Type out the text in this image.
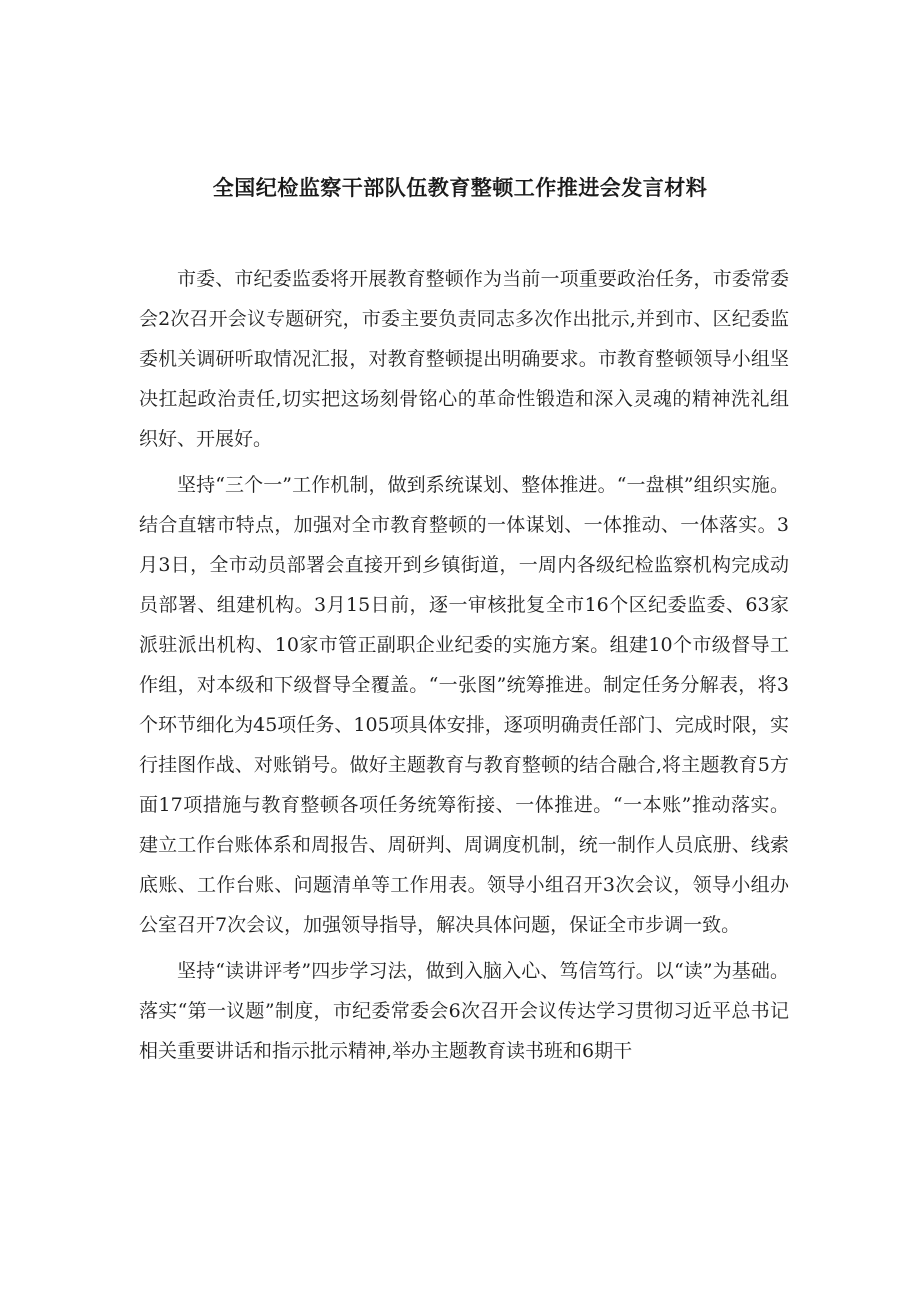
全国纪检监察干部队伍教育整顿工作推进会发言材料

市委、市纪委监委将开展教育整顿作为当前一项重要政治任务，市委常委会2次召开会议专题研究，市委主要负责同志多次作出批示,并到市、区纪委监委机关调研听取情况汇报，对教育整顿提出明确要求。市教育整顿领导小组坚决扛起政治责任,切实把这场刻骨铭心的革命性锻造和深入灵魂的精神洗礼组织好、开展好。

坚持“三个一”工作机制，做到系统谋划、整体推进。“一盘棋”组织实施。结合直辖市特点，加强对全市教育整顿的一体谋划、一体推动、一体落实。3月3日，全市动员部署会直接开到乡镇街道，一周内各级纪检监察机构完成动员部署、组建机构。3月15日前，逐一审核批复全市16个区纪委监委、63家派驻派出机构、10家市管正副职企业纪委的实施方案。组建10个市级督导工作组，对本级和下级督导全覆盖。“一张图”统筹推进。制定任务分解表，将3个环节细化为45项任务、105项具体安排，逐项明确责任部门、完成时限，实行挂图作战、对账销号。做好主题教育与教育整顿的结合融合,将主题教育5方面17项措施与教育整顿各项任务统筹衔接、一体推进。“一本账”推动落实。建立工作台账体系和周报告、周研判、周调度机制，统一制作人员底册、线索底账、工作台账、问题清单等工作用表。领导小组召开3次会议，领导小组办公室召开7次会议，加强领导指导，解决具体问题，保证全市步调一致。

坚持“读讲评考”四步学习法，做到入脑入心、笃信笃行。以“读”为基础。落实“第一议题”制度，市纪委常委会6次召开会议传达学习贯彻习近平总书记相关重要讲话和指示批示精神,举办主题教育读书班和6期干
